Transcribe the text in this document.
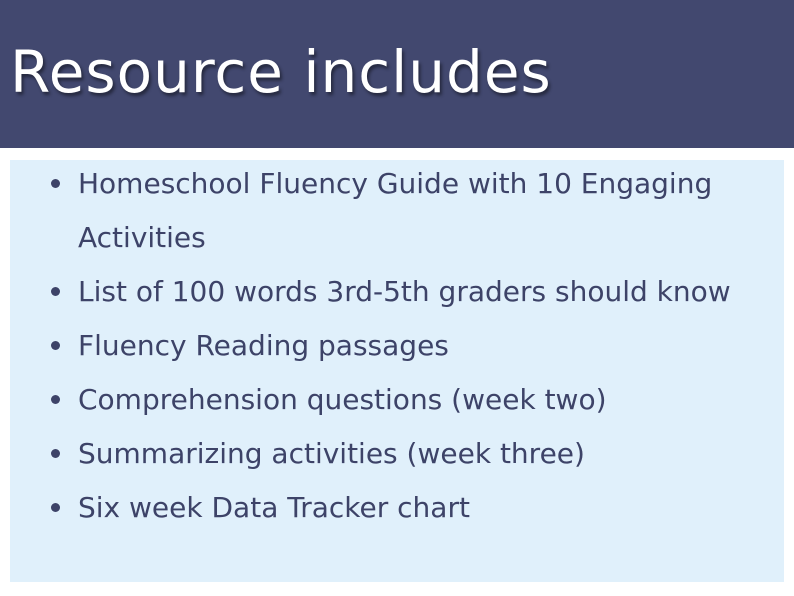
Resource includes
Homeschool Fluency Guide with 10 Engaging Activities
List of 100 words 3rd-5th graders should know
Fluency Reading passages
Comprehension questions (week two)
Summarizing activities (week three)
Six week Data Tracker chart
